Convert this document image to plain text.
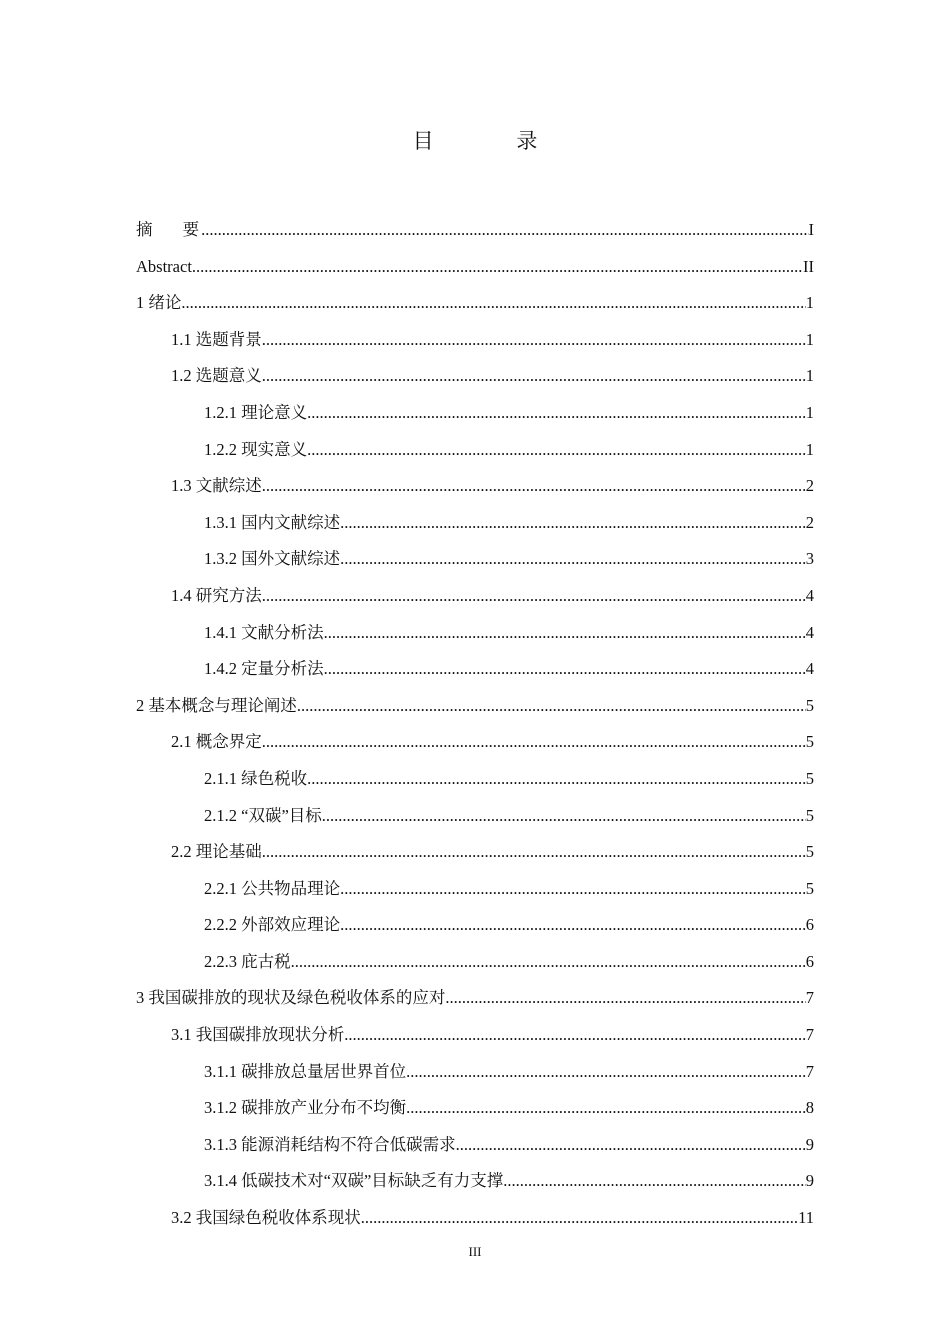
目 录
摘 要 .....	I
Abstract .....	II
1 绪论 .....	1
1.1 选题背景 .....	1
1.2 选题意义 .....	1
1.2.1 理论意义 .....	1
1.2.2 现实意义 .....	1
1.3 文献综述 .....	2
1.3.1 国内文献综述 .....	2
1.3.2 国外文献综述 .....	3
1.4 研究方法 .....	4
1.4.1 文献分析法 .....	4
1.4.2 定量分析法 .....	4
2 基本概念与理论阐述 .....	5
2.1 概念界定 .....	5
2.1.1 绿色税收 .....	5
2.1.2 “双碳”目标 .....	5
2.2 理论基础 .....	5
2.2.1 公共物品理论 .....	5
2.2.2 外部效应理论 .....	6
2.2.3 庇古税 .....	6
3 我国碳排放的现状及绿色税收体系的应对 .....	7
3.1 我国碳排放现状分析 .....	7
3.1.1 碳排放总量居世界首位 .....	7
3.1.2 碳排放产业分布不均衡 .....	8
3.1.3 能源消耗结构不符合低碳需求 .....	9
3.1.4 低碳技术对“双碳”目标缺乏有力支撑 .....	9
3.2 我国绿色税收体系现状 .....	11
III
